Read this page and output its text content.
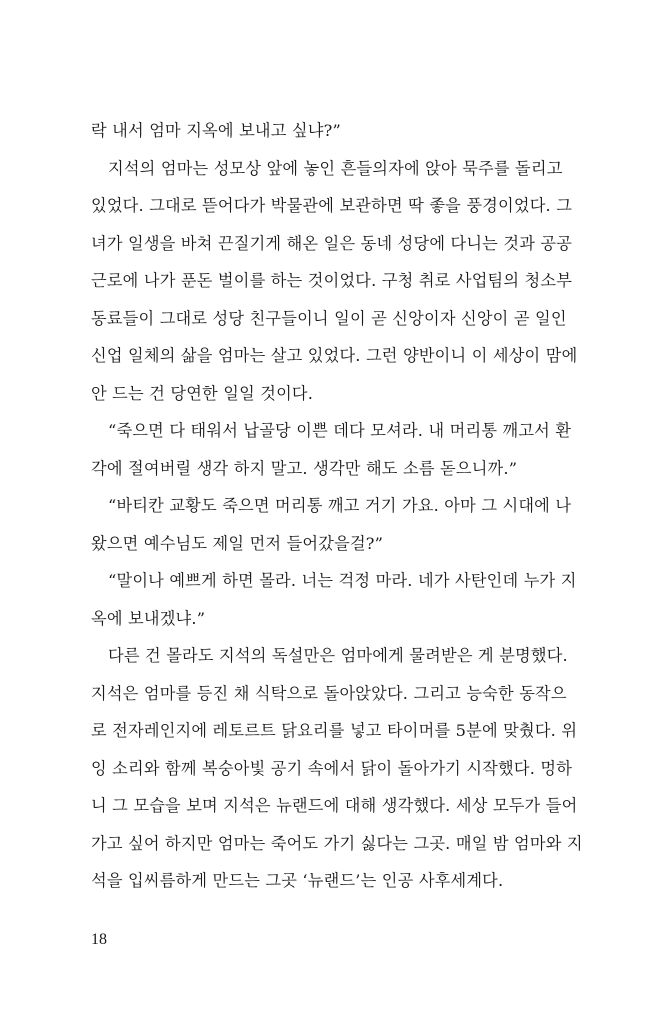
락 내서 엄마 지옥에 보내고 싶냐?”
지석의 엄마는 성모상 앞에 놓인 흔들의자에 앉아 묵주를 돌리고
있었다. 그대로 뜯어다가 박물관에 보관하면 딱 좋을 풍경이었다. 그
녀가 일생을 바쳐 끈질기게 해온 일은 동네 성당에 다니는 것과 공공
근로에 나가 푼돈 벌이를 하는 것이었다. 구청 취로 사업팀의 청소부
동료들이 그대로 성당 친구들이니 일이 곧 신앙이자 신앙이 곧 일인
신업 일체의 삶을 엄마는 살고 있었다. 그런 양반이니 이 세상이 맘에
안 드는 건 당연한 일일 것이다.
“죽으면 다 태워서 납골당 이쁜 데다 모셔라. 내 머리통 깨고서 환
각에 절여버릴 생각 하지 말고. 생각만 해도 소름 돋으니까.”
“바티칸 교황도 죽으면 머리통 깨고 거기 가요. 아마 그 시대에 나
왔으면 예수님도 제일 먼저 들어갔을걸?”
“말이나 예쁘게 하면 몰라. 너는 걱정 마라. 네가 사탄인데 누가 지
옥에 보내겠냐.”
다른 건 몰라도 지석의 독설만은 엄마에게 물려받은 게 분명했다.
지석은 엄마를 등진 채 식탁으로 돌아앉았다. 그리고 능숙한 동작으
로 전자레인지에 레토르트 닭요리를 넣고 타이머를 5분에 맞췄다. 위
잉 소리와 함께 복숭아빛 공기 속에서 닭이 돌아가기 시작했다. 멍하
니 그 모습을 보며 지석은 뉴랜드에 대해 생각했다. 세상 모두가 들어
가고 싶어 하지만 엄마는 죽어도 가기 싫다는 그곳. 매일 밤 엄마와 지
석을 입씨름하게 만드는 그곳 ‘뉴랜드’는 인공 사후세계다.
18
